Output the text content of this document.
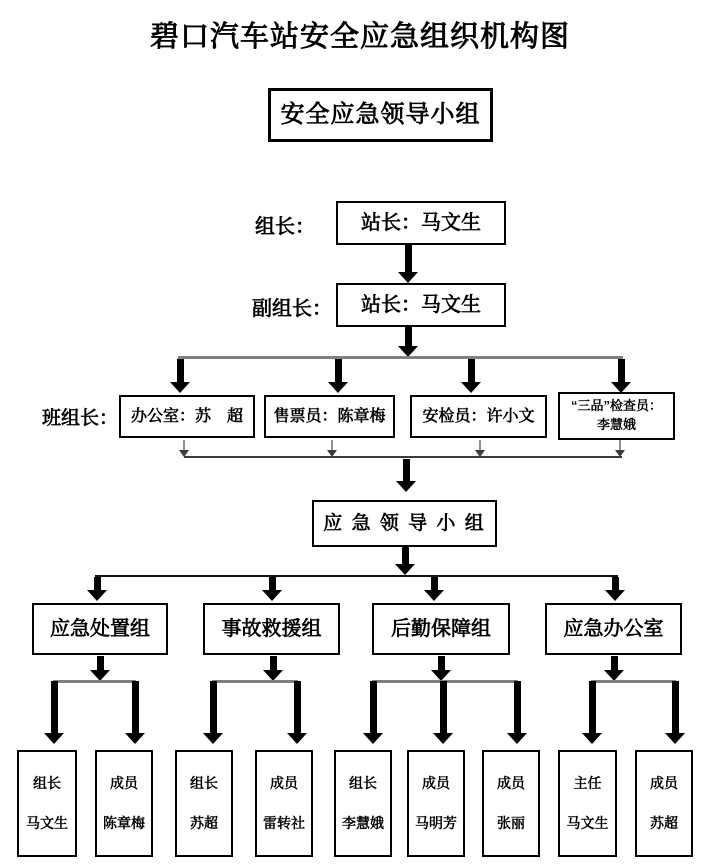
碧口汽车站安全应急组织机构图
安全应急领导小组
组长：	站长：马文生
副组长：	站长：马文生
班组长： 办公室：苏　超	售票员：陈章梅	安检员：许小文
“三品”检查员：
李慧娥
应 急 领 导 小 组
应急处置组	事故救援组	后勤保障组	应急办公室
组长
马文生
成员
陈章梅
组长
苏超
成员
雷转社
组长
李慧娥
成员
马明芳
成员
张丽
主任
马文生
成员
苏超
